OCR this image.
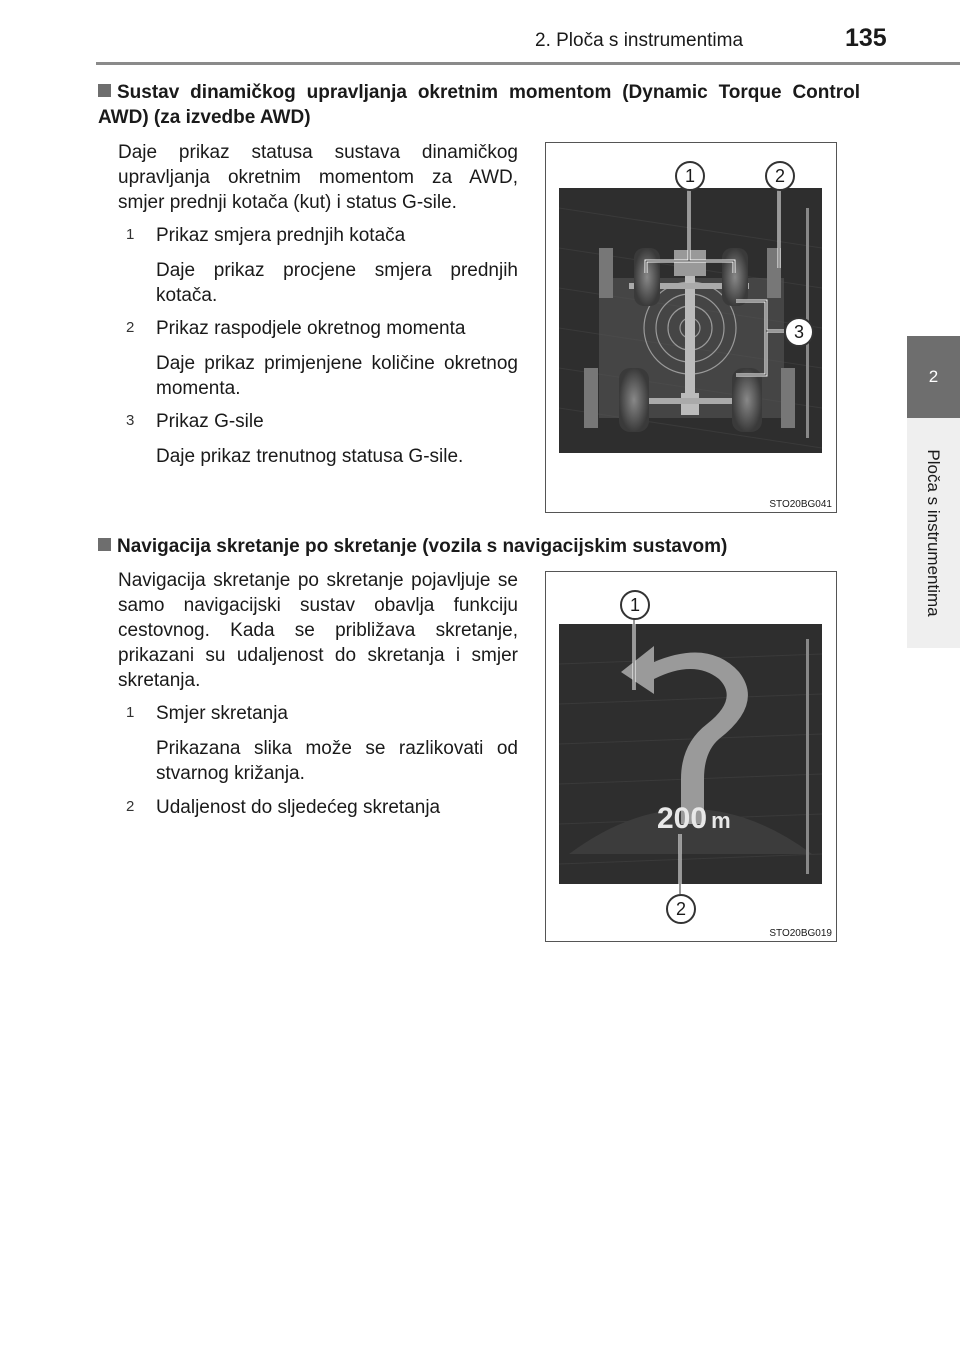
2. Ploča s instrumentima	135
2
Ploča s instrumentima
Sustav dinamičkog upravljanja okretnim momentom (Dynamic Torque Control AWD) (za izvedbe AWD)
Daje prikaz statusa sustava dinamičkog upravljanja okretnim momentom za AWD, smjer prednji kotača (kut) i status G-sile.
1 Prikaz smjera prednjih kotača
Daje prikaz procjene smjera prednjih kotača.
2 Prikaz raspodjele okretnog momenta
Daje prikaz primjenjene količine okretnog momenta.
3 Prikaz G-sile
Daje prikaz trenutnog statusa G-sile.
1	2
3
STO20BG041
Navigacija skretanje po skretanje (vozila s navigacijskim sustavom)
Navigacija skretanje po skretanje pojavljuje se samo navigacijski sustav obavlja funkciju cestovnog. Kada se približava skretanje, prikazani su udaljenost do skretanja i smjer skretanja.
1 Smjer skretanja
Prikazana slika može se razlikovati od stvarnog križanja.
2 Udaljenost do sljedećeg skretanja	200 m
1
2
STO20BG019
